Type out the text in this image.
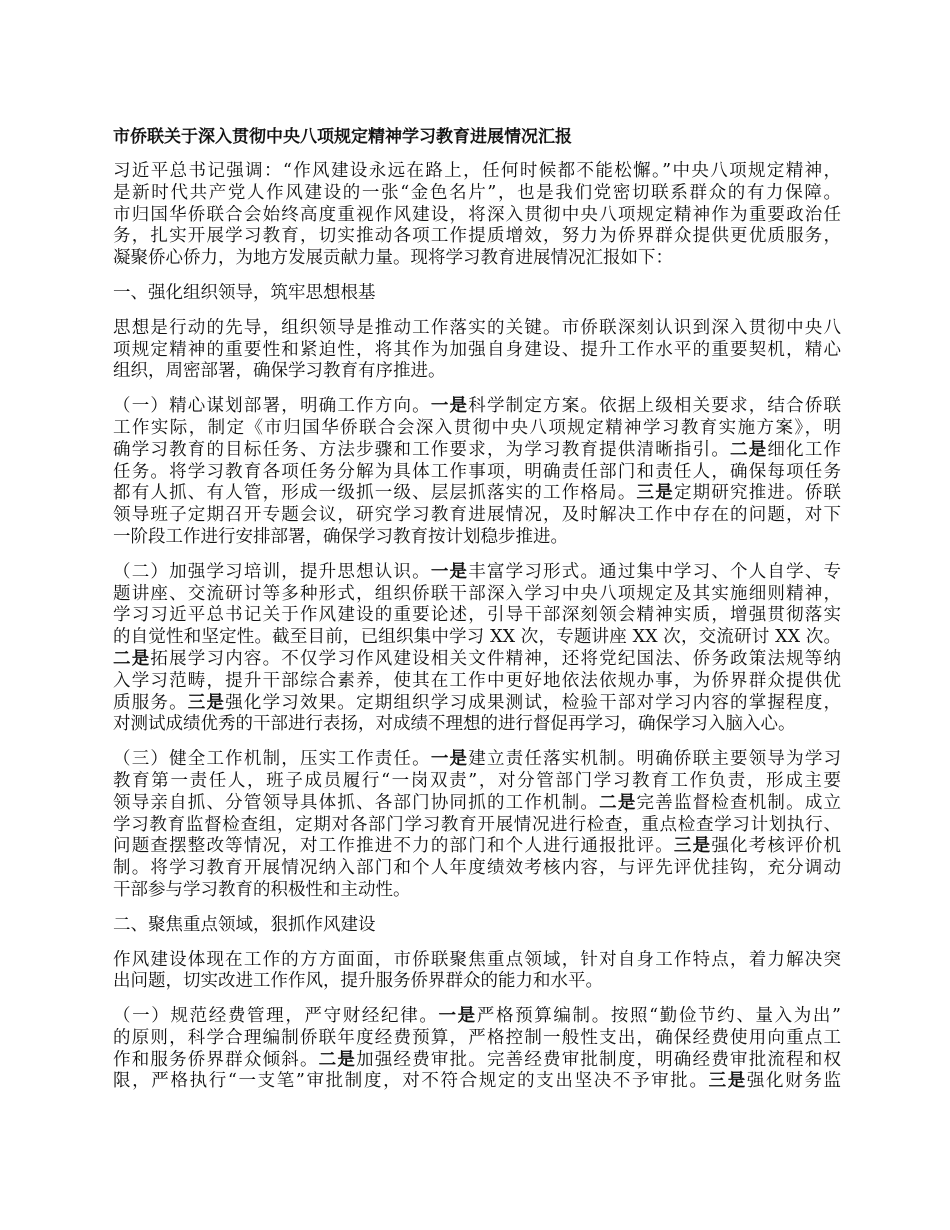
市侨联关于深入贯彻中央八项规定精神学习教育进展情况汇报
习近平总书记强调：“作风建设永远在路上，任何时候都不能松懈。”中央八项规定精神，
是新时代共产党人作风建设的一张“金色名片”，也是我们党密切联系群众的有力保障。
市归国华侨联合会始终高度重视作风建设，将深入贯彻中央八项规定精神作为重要政治任
务，扎实开展学习教育，切实推动各项工作提质增效，努力为侨界群众提供更优质服务，
凝聚侨心侨力，为地方发展贡献力量。现将学习教育进展情况汇报如下：
一、强化组织领导，筑牢思想根基
思想是行动的先导，组织领导是推动工作落实的关键。市侨联深刻认识到深入贯彻中央八
项规定精神的重要性和紧迫性，将其作为加强自身建设、提升工作水平的重要契机，精心
组织，周密部署，确保学习教育有序推进。
（一）精心谋划部署，明确工作方向。一是科学制定方案。依据上级相关要求，结合侨联
工作实际，制定《市归国华侨联合会深入贯彻中央八项规定精神学习教育实施方案》，明
确学习教育的目标任务、方法步骤和工作要求，为学习教育提供清晰指引。二是细化工作
任务。将学习教育各项任务分解为具体工作事项，明确责任部门和责任人，确保每项任务
都有人抓、有人管，形成一级抓一级、层层抓落实的工作格局。三是定期研究推进。侨联
领导班子定期召开专题会议，研究学习教育进展情况，及时解决工作中存在的问题，对下
一阶段工作进行安排部署，确保学习教育按计划稳步推进。
（二）加强学习培训，提升思想认识。一是丰富学习形式。通过集中学习、个人自学、专
题讲座、交流研讨等多种形式，组织侨联干部深入学习中央八项规定及其实施细则精神，
学习习近平总书记关于作风建设的重要论述，引导干部深刻领会精神实质，增强贯彻落实
的自觉性和坚定性。截至目前，已组织集中学习 XX 次，专题讲座 XX 次，交流研讨 XX 次。
二是拓展学习内容。不仅学习作风建设相关文件精神，还将党纪国法、侨务政策法规等纳
入学习范畴，提升干部综合素养，使其在工作中更好地依法依规办事，为侨界群众提供优
质服务。三是强化学习效果。定期组织学习成果测试，检验干部对学习内容的掌握程度，
对测试成绩优秀的干部进行表扬，对成绩不理想的进行督促再学习，确保学习入脑入心。
（三）健全工作机制，压实工作责任。一是建立责任落实机制。明确侨联主要领导为学习
教育第一责任人，班子成员履行“一岗双责”，对分管部门学习教育工作负责，形成主要
领导亲自抓、分管领导具体抓、各部门协同抓的工作机制。二是完善监督检查机制。成立
学习教育监督检查组，定期对各部门学习教育开展情况进行检查，重点检查学习计划执行、
问题查摆整改等情况，对工作推进不力的部门和个人进行通报批评。三是强化考核评价机
制。将学习教育开展情况纳入部门和个人年度绩效考核内容，与评先评优挂钩，充分调动
干部参与学习教育的积极性和主动性。
二、聚焦重点领域，狠抓作风建设
作风建设体现在工作的方方面面，市侨联聚焦重点领域，针对自身工作特点，着力解决突
出问题，切实改进工作作风，提升服务侨界群众的能力和水平。
（一）规范经费管理，严守财经纪律。一是严格预算编制。按照“勤俭节约、量入为出”
的原则，科学合理编制侨联年度经费预算，严格控制一般性支出，确保经费使用向重点工
作和服务侨界群众倾斜。二是加强经费审批。完善经费审批制度，明确经费审批流程和权
限，严格执行“一支笔”审批制度，对不符合规定的支出坚决不予审批。三是强化财务监
